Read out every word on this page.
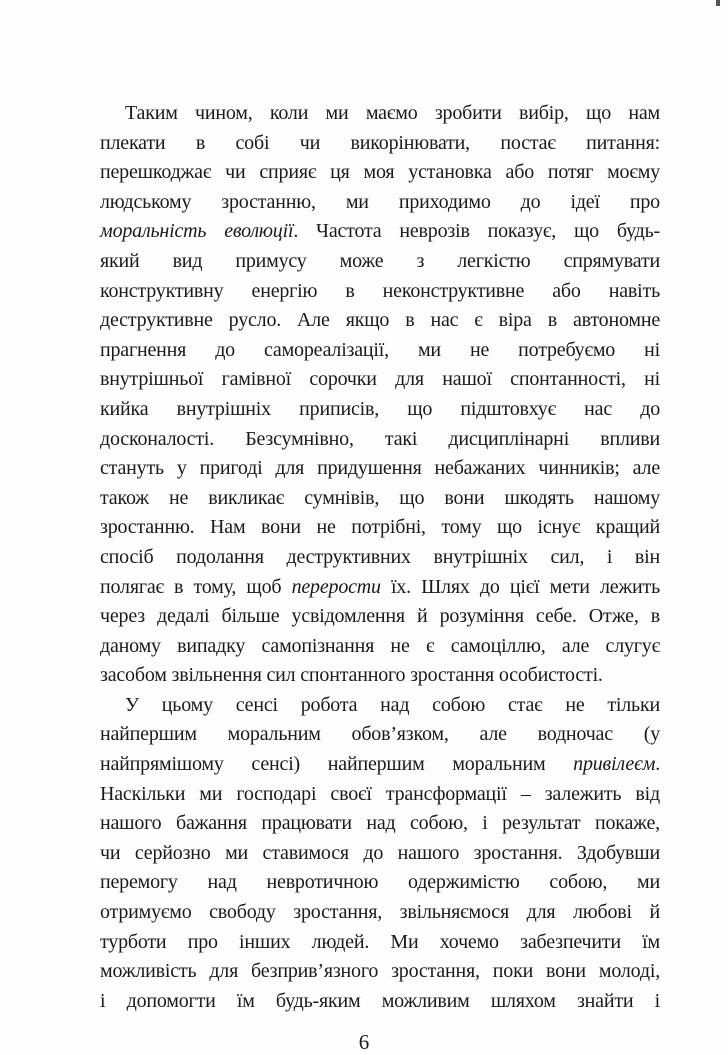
Таким чином, коли ми маємо зробити вибір, що нам
плекати в собі чи викорінювати, постає питання:
перешкоджає чи сприяє ця моя установка або потяг моєму
людському зростанню, ми приходимо до ідеї про
моральність еволюції. Частота неврозів показує, що будь-
який вид примусу може з легкістю спрямувати
конструктивну енергію в неконструктивне або навіть
деструктивне русло. Але якщо в нас є віра в автономне
прагнення до самореалізації, ми не потребуємо ні
внутрішньої гамівної сорочки для нашої спонтанності, ні
кийка внутрішніх приписів, що підштовхує нас до
досконалості. Безсумнівно, такі дисциплінарні впливи
стануть у пригоді для придушення небажаних чинників; але
також не викликає сумнівів, що вони шкодять нашому
зростанню. Нам вони не потрібні, тому що існує кращий
спосіб подолання деструктивних внутрішніх сил, і він
полягає в тому, щоб перерости їх. Шлях до цієї мети лежить
через дедалі більше усвідомлення й розуміння себе. Отже, в
даному випадку самопізнання не є самоціллю, але слугує
засобом звільнення сил спонтанного зростання особистості.
У цьому сенсі робота над собою стає не тільки
найпершим моральним обов’язком, але водночас (у
найпрямішому сенсі) найпершим моральним привілеєм.
Наскільки ми господарі своєї трансформації – залежить від
нашого бажання працювати над собою, і результат покаже,
чи серйозно ми ставимося до нашого зростання. Здобувши
перемогу над невротичною одержимістю собою, ми
отримуємо свободу зростання, звільняємося для любові й
турботи про інших людей. Ми хочемо забезпечити їм
можливість для безприв’язного зростання, поки вони молоді,
і допомогти їм будь-яким можливим шляхом знайти і
6
